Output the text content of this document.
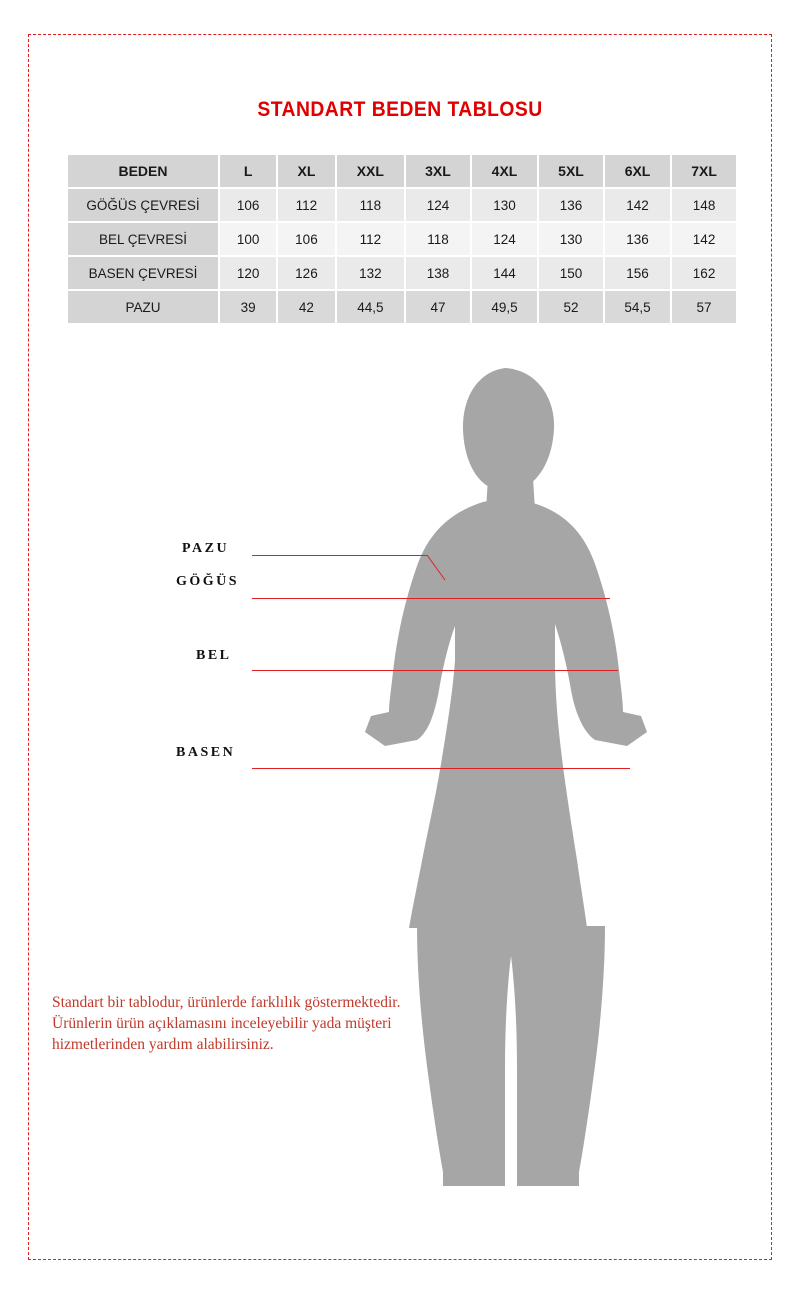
STANDART BEDEN TABLOSU
BEDEN	L	XL	XXL	3XL	4XL	5XL	6XL	7XL
GÖĞÜS ÇEVRESİ	106	112	118	124	130	136	142	148
BEL ÇEVRESİ	100	106	112	118	124	130	136	142
BASEN ÇEVRESİ	120	126	132	138	144	150	156	162
PAZU	39	42	44,5	47	49,5	52	54,5	57
PAZU
GÖĞÜS
BEL
BASEN
Standart bir tablodur, ürünlerde farklılık göstermektedir.
Ürünlerin ürün açıklamasını inceleyebilir yada müşteri
hizmetlerinden yardım alabilirsiniz.
